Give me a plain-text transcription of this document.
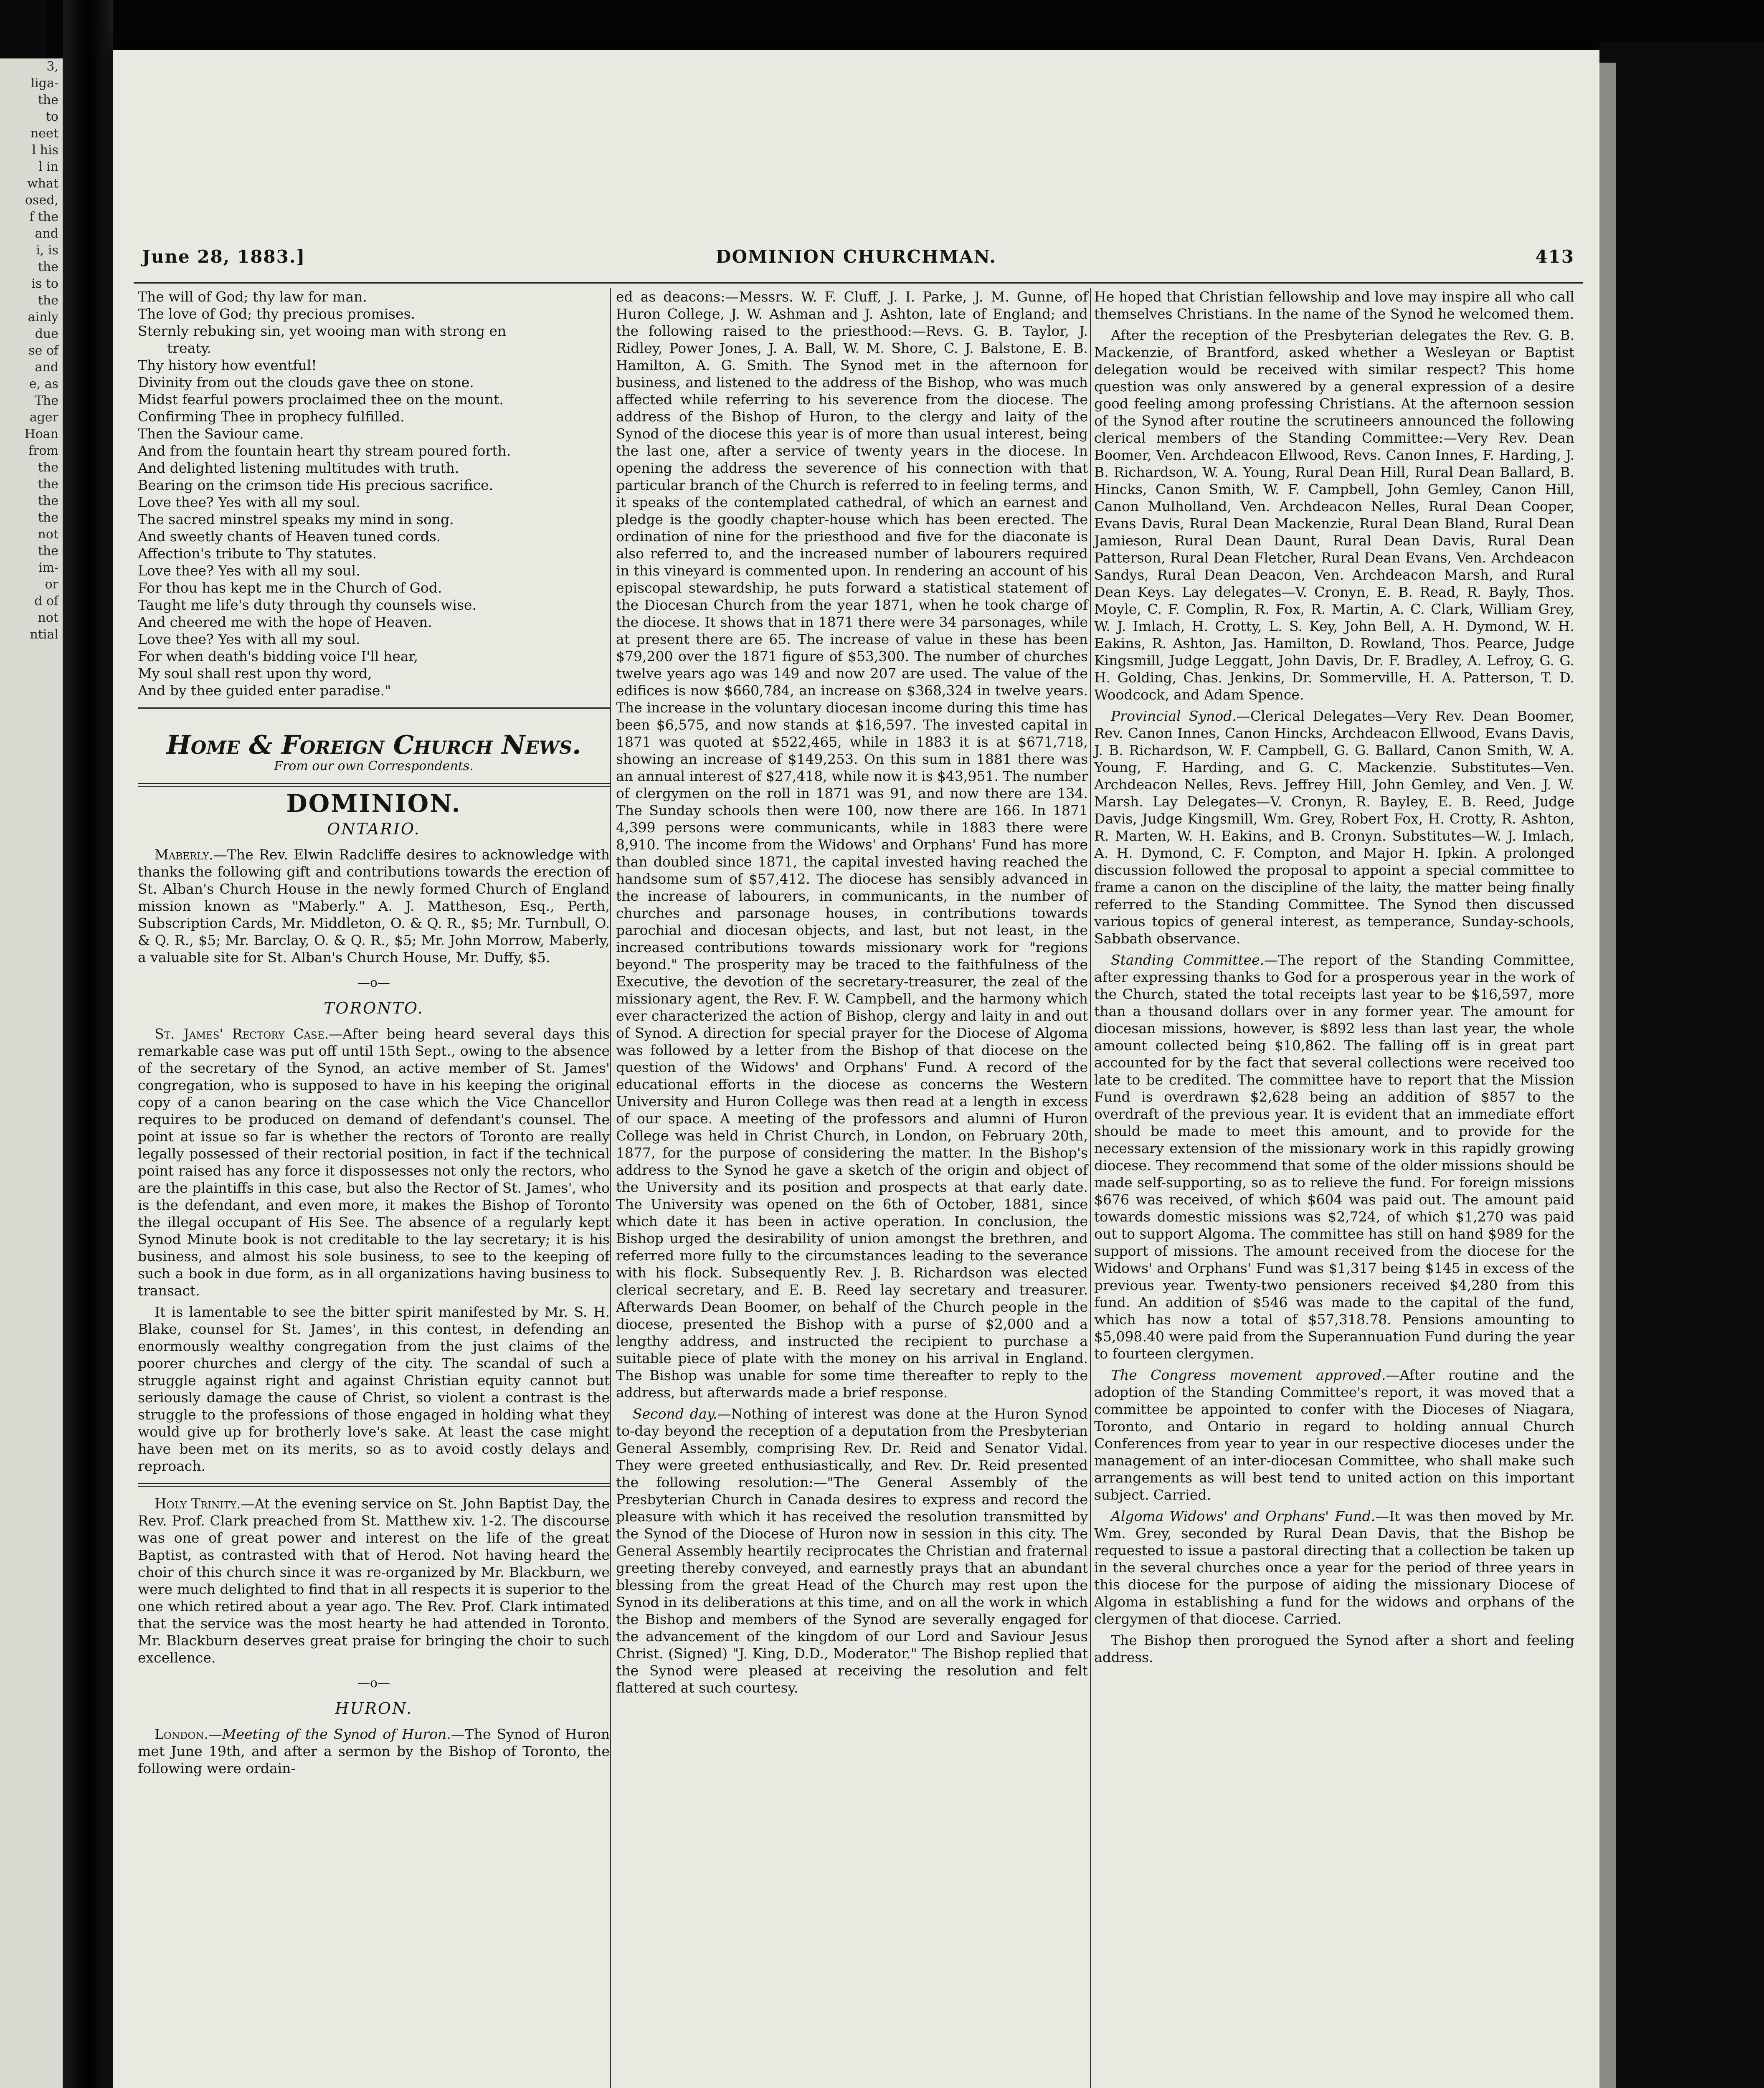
3,
liga-
the
to
neet
l his
l in
what
osed,
f the
and
i, is
the
is to
the
ainly
due
se of
and
e, as
The
ager
Hoan
from
the
the
the
the
not
the
im-
or
d of
not
ntial
June 28, 1883.]	DOMINION CHURCHMAN.	413
The will of God; thy law for man.
The love of God; thy precious promises.
Sternly rebuking sin, yet wooing man with strong en
treaty.
Thy history how eventful!
Divinity from out the clouds gave thee on stone.
Midst fearful powers proclaimed thee on the mount.
Confirming Thee in prophecy fulfilled.
Then the Saviour came.
And from the fountain heart thy stream poured forth.
And delighted listening multitudes with truth.
Bearing on the crimson tide His precious sacrifice.
Love thee? Yes with all my soul.
The sacred minstrel speaks my mind in song.
And sweetly chants of Heaven tuned cords.
Affection's tribute to Thy statutes.
Love thee? Yes with all my soul.
For thou has kept me in the Church of God.
Taught me life's duty through thy counsels wise.
And cheered me with the hope of Heaven.
Love thee? Yes with all my soul.
For when death's bidding voice I'll hear,
My soul shall rest upon thy word,
And by thee guided enter paradise."
Home & Foreign Church News.
From our own Correspondents.
DOMINION.
ONTARIO.

Maberly.—The Rev. Elwin Radcliffe desires to acknowledge with thanks the following gift and contributions towards the erection of St. Alban's Church House in the newly formed Church of England mission known as "Maberly." A. J. Mattheson, Esq., Perth, Subscription Cards, Mr. Middleton, O. & Q. R., $5; Mr. Turnbull, O. & Q. R., $5; Mr. Barclay, O. & Q. R., $5; Mr. John Morrow, Maberly, a valuable site for St. Alban's Church House, Mr. Duffy, $5.

—o—
TORONTO.

St. James' Rectory Case.—After being heard several days this remarkable case was put off until 15th Sept., owing to the absence of the secretary of the Synod, an active member of St. James' congregation, who is supposed to have in his keeping the original copy of a canon bearing on the case which the Vice Chancellor requires to be produced on demand of defendant's counsel. The point at issue so far is whether the rectors of Toronto are really legally possessed of their rectorial position, in fact if the technical point raised has any force it dispossesses not only the rectors, who are the plaintiffs in this case, but also the Rector of St. James', who is the defendant, and even more, it makes the Bishop of Toronto the illegal occupant of His See. The absence of a regularly kept Synod Minute book is not creditable to the lay secretary; it is his business, and almost his sole business, to see to the keeping of such a book in due form, as in all organizations having business to transact.

It is lamentable to see the bitter spirit manifested by Mr. S. H. Blake, counsel for St. James', in this contest, in defending an enormously wealthy congregation from the just claims of the poorer churches and clergy of the city. The scandal of such a struggle against right and against Christian equity cannot but seriously damage the cause of Christ, so violent a contrast is the struggle to the professions of those engaged in holding what they would give up for brotherly love's sake. At least the case might have been met on its merits, so as to avoid costly delays and reproach.

Holy Trinity.—At the evening service on St. John Baptist Day, the Rev. Prof. Clark preached from St. Matthew xiv. 1-2. The discourse was one of great power and interest on the life of the great Baptist, as contrasted with that of Herod. Not having heard the choir of this church since it was re-organized by Mr. Blackburn, we were much delighted to find that in all respects it is superior to the one which retired about a year ago. The Rev. Prof. Clark intimated that the service was the most hearty he had attended in Toronto. Mr. Blackburn deserves great praise for bringing the choir to such excellence.

—o—
HURON.

London.—Meeting of the Synod of Huron.—The Synod of Huron met June 19th, and after a sermon by the Bishop of Toronto, the following were ordain-

ed as deacons:—Messrs. W. F. Cluff, J. I. Parke, J. M. Gunne, of Huron College, J. W. Ashman and J. Ashton, late of England; and the following raised to the priesthood:—Revs. G. B. Taylor, J. Ridley, Power Jones, J. A. Ball, W. M. Shore, C. J. Balstone, E. B. Hamilton, A. G. Smith. The Synod met in the afternoon for business, and listened to the address of the Bishop, who was much affected while referring to his severence from the diocese. The address of the Bishop of Huron, to the clergy and laity of the Synod of the diocese this year is of more than usual interest, being the last one, after a service of twenty years in the diocese. In opening the address the severence of his connection with that particular branch of the Church is referred to in feeling terms, and it speaks of the contemplated cathedral, of which an earnest and pledge is the goodly chapter-house which has been erected. The ordination of nine for the priesthood and five for the diaconate is also referred to, and the increased number of labourers required in this vineyard is commented upon. In rendering an account of his episcopal stewardship, he puts forward a statistical statement of the Diocesan Church from the year 1871, when he took charge of the diocese. It shows that in 1871 there were 34 parsonages, while at present there are 65. The increase of value in these has been $79,200 over the 1871 figure of $53,300. The number of churches twelve years ago was 149 and now 207 are used. The value of the edifices is now $660,784, an increase on $368,324 in twelve years. The increase in the voluntary diocesan income during this time has been $6,575, and now stands at $16,597. The invested capital in 1871 was quoted at $522,465, while in 1883 it is at $671,718, showing an increase of $149,253. On this sum in 1881 there was an annual interest of $27,418, while now it is $43,951. The number of clergymen on the roll in 1871 was 91, and now there are 134. The Sunday schools then were 100, now there are 166. In 1871 4,399 persons were communicants, while in 1883 there were 8,910. The income from the Widows' and Orphans' Fund has more than doubled since 1871, the capital invested having reached the handsome sum of $57,412. The diocese has sensibly advanced in the increase of labourers, in communicants, in the number of churches and parsonage houses, in contributions towards parochial and diocesan objects, and last, but not least, in the increased contributions towards missionary work for "regions beyond." The prosperity may be traced to the faithfulness of the Executive, the devotion of the secretary-treasurer, the zeal of the missionary agent, the Rev. F. W. Campbell, and the harmony which ever characterized the action of Bishop, clergy and laity in and out of Synod. A direction for special prayer for the Diocese of Algoma was followed by a letter from the Bishop of that diocese on the question of the Widows' and Orphans' Fund. A record of the educational efforts in the diocese as concerns the Western University and Huron College was then read at a length in excess of our space. A meeting of the professors and alumni of Huron College was held in Christ Church, in London, on February 20th, 1877, for the purpose of considering the matter. In the Bishop's address to the Synod he gave a sketch of the origin and object of the University and its position and prospects at that early date. The University was opened on the 6th of October, 1881, since which date it has been in active operation. In conclusion, the Bishop urged the desirability of union amongst the brethren, and referred more fully to the circumstances leading to the severance with his flock. Subsequently Rev. J. B. Richardson was elected clerical secretary, and E. B. Reed lay secretary and treasurer. Afterwards Dean Boomer, on behalf of the Church people in the diocese, presented the Bishop with a purse of $2,000 and a lengthy address, and instructed the recipient to purchase a suitable piece of plate with the money on his arrival in England. The Bishop was unable for some time thereafter to reply to the address, but afterwards made a brief response.

Second day.—Nothing of interest was done at the Huron Synod to-day beyond the reception of a deputation from the Presbyterian General Assembly, comprising Rev. Dr. Reid and Senator Vidal. They were greeted enthusiastically, and Rev. Dr. Reid presented the following resolution:—"The General Assembly of the Presbyterian Church in Canada desires to express and record the pleasure with which it has received the resolution transmitted by the Synod of the Diocese of Huron now in session in this city. The General Assembly heartily reciprocates the Christian and fraternal greeting thereby conveyed, and earnestly prays that an abundant blessing from the great Head of the Church may rest upon the Synod in its deliberations at this time, and on all the work in which the Bishop and members of the Synod are severally engaged for the advancement of the kingdom of our Lord and Saviour Jesus Christ. (Signed) "J. King, D.D., Moderator." The Bishop replied that the Synod were pleased at receiving the resolution and felt flattered at such courtesy.

He hoped that Christian fellowship and love may inspire all who call themselves Christians. In the name of the Synod he welcomed them.

After the reception of the Presbyterian delegates the Rev. G. B. Mackenzie, of Brantford, asked whether a Wesleyan or Baptist delegation would be received with similar respect? This home question was only answered by a general expression of a desire good feeling among professing Christians. At the afternoon session of the Synod after routine the scrutineers announced the following clerical members of the Standing Committee:—Very Rev. Dean Boomer, Ven. Archdeacon Ellwood, Revs. Canon Innes, F. Harding, J. B. Richardson, W. A. Young, Rural Dean Hill, Rural Dean Ballard, B. Hincks, Canon Smith, W. F. Campbell, John Gemley, Canon Hill, Canon Mulholland, Ven. Archdeacon Nelles, Rural Dean Cooper, Evans Davis, Rural Dean Mackenzie, Rural Dean Bland, Rural Dean Jamieson, Rural Dean Daunt, Rural Dean Davis, Rural Dean Patterson, Rural Dean Fletcher, Rural Dean Evans, Ven. Archdeacon Sandys, Rural Dean Deacon, Ven. Archdeacon Marsh, and Rural Dean Keys. Lay delegates—V. Cronyn, E. B. Read, R. Bayly, Thos. Moyle, C. F. Complin, R. Fox, R. Martin, A. C. Clark, William Grey, W. J. Imlach, H. Crotty, L. S. Key, John Bell, A. H. Dymond, W. H. Eakins, R. Ashton, Jas. Hamilton, D. Rowland, Thos. Pearce, Judge Kingsmill, Judge Leggatt, John Davis, Dr. F. Bradley, A. Lefroy, G. G. H. Golding, Chas. Jenkins, Dr. Sommerville, H. A. Patterson, T. D. Woodcock, and Adam Spence.

Provincial Synod.—Clerical Delegates—Very Rev. Dean Boomer, Rev. Canon Innes, Canon Hincks, Archdeacon Ellwood, Evans Davis, J. B. Richardson, W. F. Campbell, G. G. Ballard, Canon Smith, W. A. Young, F. Harding, and G. C. Mackenzie. Substitutes—Ven. Archdeacon Nelles, Revs. Jeffrey Hill, John Gemley, and Ven. J. W. Marsh. Lay Delegates—V. Cronyn, R. Bayley, E. B. Reed, Judge Davis, Judge Kingsmill, Wm. Grey, Robert Fox, H. Crotty, R. Ashton, R. Marten, W. H. Eakins, and B. Cronyn. Substitutes—W. J. Imlach, A. H. Dymond, C. F. Compton, and Major H. Ipkin. A prolonged discussion followed the proposal to appoint a special committee to frame a canon on the discipline of the laity, the matter being finally referred to the Standing Committee. The Synod then discussed various topics of general interest, as temperance, Sunday-schools, Sabbath observance.

Standing Committee.—The report of the Standing Committee, after expressing thanks to God for a prosperous year in the work of the Church, stated the total receipts last year to be $16,597, more than a thousand dollars over in any former year. The amount for diocesan missions, however, is $892 less than last year, the whole amount collected being $10,862. The falling off is in great part accounted for by the fact that several collections were received too late to be credited. The committee have to report that the Mission Fund is overdrawn $2,628 being an addition of $857 to the overdraft of the previous year. It is evident that an immediate effort should be made to meet this amount, and to provide for the necessary extension of the missionary work in this rapidly growing diocese. They recommend that some of the older missions should be made self-supporting, so as to relieve the fund. For foreign missions $676 was received, of which $604 was paid out. The amount paid towards domestic missions was $2,724, of which $1,270 was paid out to support Algoma. The committee has still on hand $989 for the support of missions. The amount received from the diocese for the Widows' and Orphans' Fund was $1,317 being $145 in excess of the previous year. Twenty-two pensioners received $4,280 from this fund. An addition of $546 was made to the capital of the fund, which has now a total of $57,318.78. Pensions amounting to $5,098.40 were paid from the Superannuation Fund during the year to fourteen clergymen.

The Congress movement approved.—After routine and the adoption of the Standing Committee's report, it was moved that a committee be appointed to confer with the Dioceses of Niagara, Toronto, and Ontario in regard to holding annual Church Conferences from year to year in our respective dioceses under the management of an inter-diocesan Committee, who shall make such arrangements as will best tend to united action on this important subject. Carried.

Algoma Widows' and Orphans' Fund.—It was then moved by Mr. Wm. Grey, seconded by Rural Dean Davis, that the Bishop be requested to issue a pastoral directing that a collection be taken up in the several churches once a year for the period of three years in this diocese for the purpose of aiding the missionary Diocese of Algoma in establishing a fund for the widows and orphans of the clergymen of that diocese. Carried.

The Bishop then prorogued the Synod after a short and feeling address.
